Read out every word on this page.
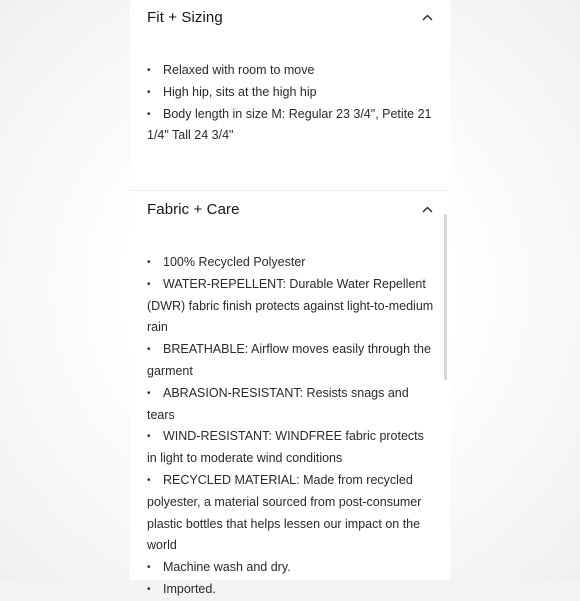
Fit + Sizing
• Relaxed with room to move
• High hip, sits at the high hip
• Body length in size M: Regular 23 3/4", Petite 21 1/4" Tall 24 3/4"
Fabric + Care
• 100% Recycled Polyester
• WATER-REPELLENT: Durable Water Repellent (DWR) fabric finish protects against light-to-medium rain
• BREATHABLE: Airflow moves easily through the garment
• ABRASION-RESISTANT: Resists snags and tears
• WIND-RESISTANT: WINDFREE fabric protects in light to moderate wind conditions
• RECYCLED MATERIAL: Made from recycled polyester, a material sourced from post-consumer plastic bottles that helps lessen our impact on the world
• Machine wash and dry.
• Imported.
